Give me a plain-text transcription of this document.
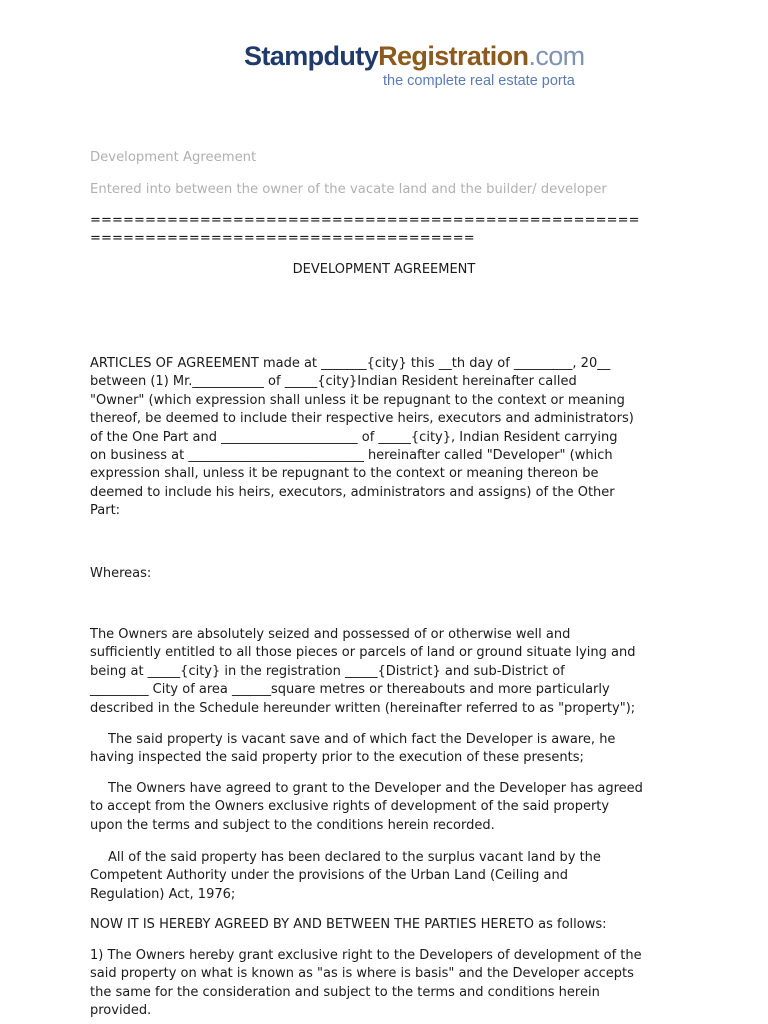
StampdutyRegistration.com
the complete real estate porta
Development Agreement
Entered into between the owner of the vacate land and the builder/ developer
==================================================
===================================
DEVELOPMENT AGREEMENT

ARTICLES OF AGREEMENT made at _______{city} this __th day of _________, 20__
between (1) Mr.___________ of _____{city}Indian Resident hereinafter called
"Owner" (which expression shall unless it be repugnant to the context or meaning
thereof, be deemed to include their respective heirs, executors and administrators)
of the One Part and _____________________ of _____{city}, Indian Resident carrying
on business at ___________________________ hereinafter called "Developer" (which
expression shall, unless it be repugnant to the context or meaning thereon be
deemed to include his heirs, executors, administrators and assigns) of the Other
Part:

Whereas:

The Owners are absolutely seized and possessed of or otherwise well and
sufficiently entitled to all those pieces or parcels of land or ground situate lying and
being at _____{city} in the registration _____{District} and sub-District of
_________ City of area ______square metres or thereabouts and more particularly
described in the Schedule hereunder written (hereinafter referred to as "property");

The said property is vacant save and of which fact the Developer is aware, he
having inspected the said property prior to the execution of these presents;

The Owners have agreed to grant to the Developer and the Developer has agreed
to accept from the Owners exclusive rights of development of the said property
upon the terms and subject to the conditions herein recorded.

All of the said property has been declared to the surplus vacant land by the
Competent Authority under the provisions of the Urban Land (Ceiling and
Regulation) Act, 1976;

NOW IT IS HEREBY AGREED BY AND BETWEEN THE PARTIES HERETO as follows:

1) The Owners hereby grant exclusive right to the Developers of development of the
said property on what is known as "as is where is basis" and the Developer accepts
the same for the consideration and subject to the terms and conditions herein
provided.
